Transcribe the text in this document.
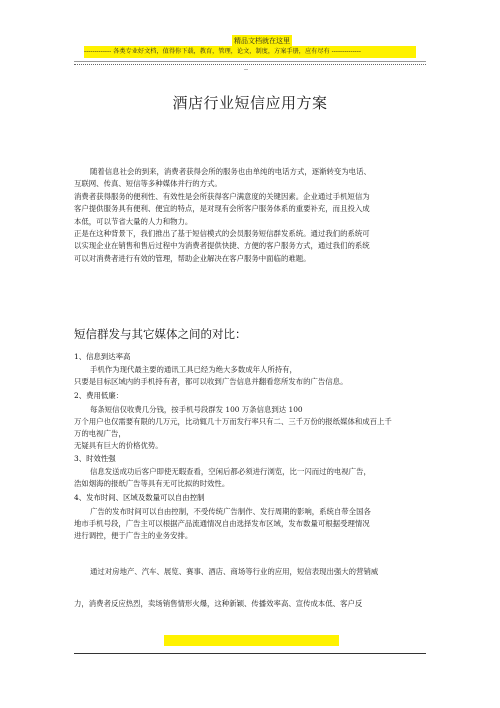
精品文档就在这里
------------- 各类专业好文档，值得你下载，教育，管理，论文，制度，方案手册，应有尽有 --------------
--
酒店行业短信应用方案

随着信息社会的到来，消费者获得会所的服务也由单纯的电话方式，逐渐转变为电话、

互联网、传真、短信等多种媒体并行的方式。

消费者获得服务的便利性、有效性是会所获得客户满意度的关键因素。企业通过手机短信为

客户提供服务具有便利、便宜的特点，是对现有会所客户服务体系的重要补充，而且投入成

本低，可以节省大量的人力和物力。

正是在这种背景下，我们推出了基于短信模式的会员服务短信群发系统。通过我们的系统可

以实现企业在销售和售后过程中为消费者提供快捷、方便的客户服务方式，通过我们的系统

可以对消费者进行有效的管理，帮助企业解决在客户服务中面临的难题。

短信群发与其它媒体之间的对比：
1、信息到达率高

手机作为现代最主要的通讯工具已经为绝大多数成年人所持有，

只要是目标区域内的手机持有者，都可以收到广告信息并翻看您所发布的广告信息。

2、费用低廉：

每条短信仅收费几分钱，按手机号段群发 100 万条信息到达 100

万个用户也仅需要有限的几万元，比动辄几十万而发行率只有二、三千万份的报纸媒体和成百上千

万的电视广告，

无疑具有巨大的价格优势。

3、时效性强

信息发送成功后客户即使无暇查看，空闲后都必须进行浏览，比一闪而过的电视广告，

浩如烟海的报纸广告等具有无可比拟的时效性。

4、发布时间、区域及数量可以自由控制

广告的发布时间可以自由控制，不受传统广告制作、发行周期的影响，系统自带全国各

地市手机号段，广告主可以根据产品流通情况自由选择发布区域，发布数量可根据受理情况

进行调控，便于广告主的业务安排。

通过对房地产、汽车、展览、赛事、酒店、商场等行业的应用，短信表现出强大的营销威

力，消费者反应热烈，卖场销售情形火爆，这种新颖、传播效率高、宣传成本低、客户反
